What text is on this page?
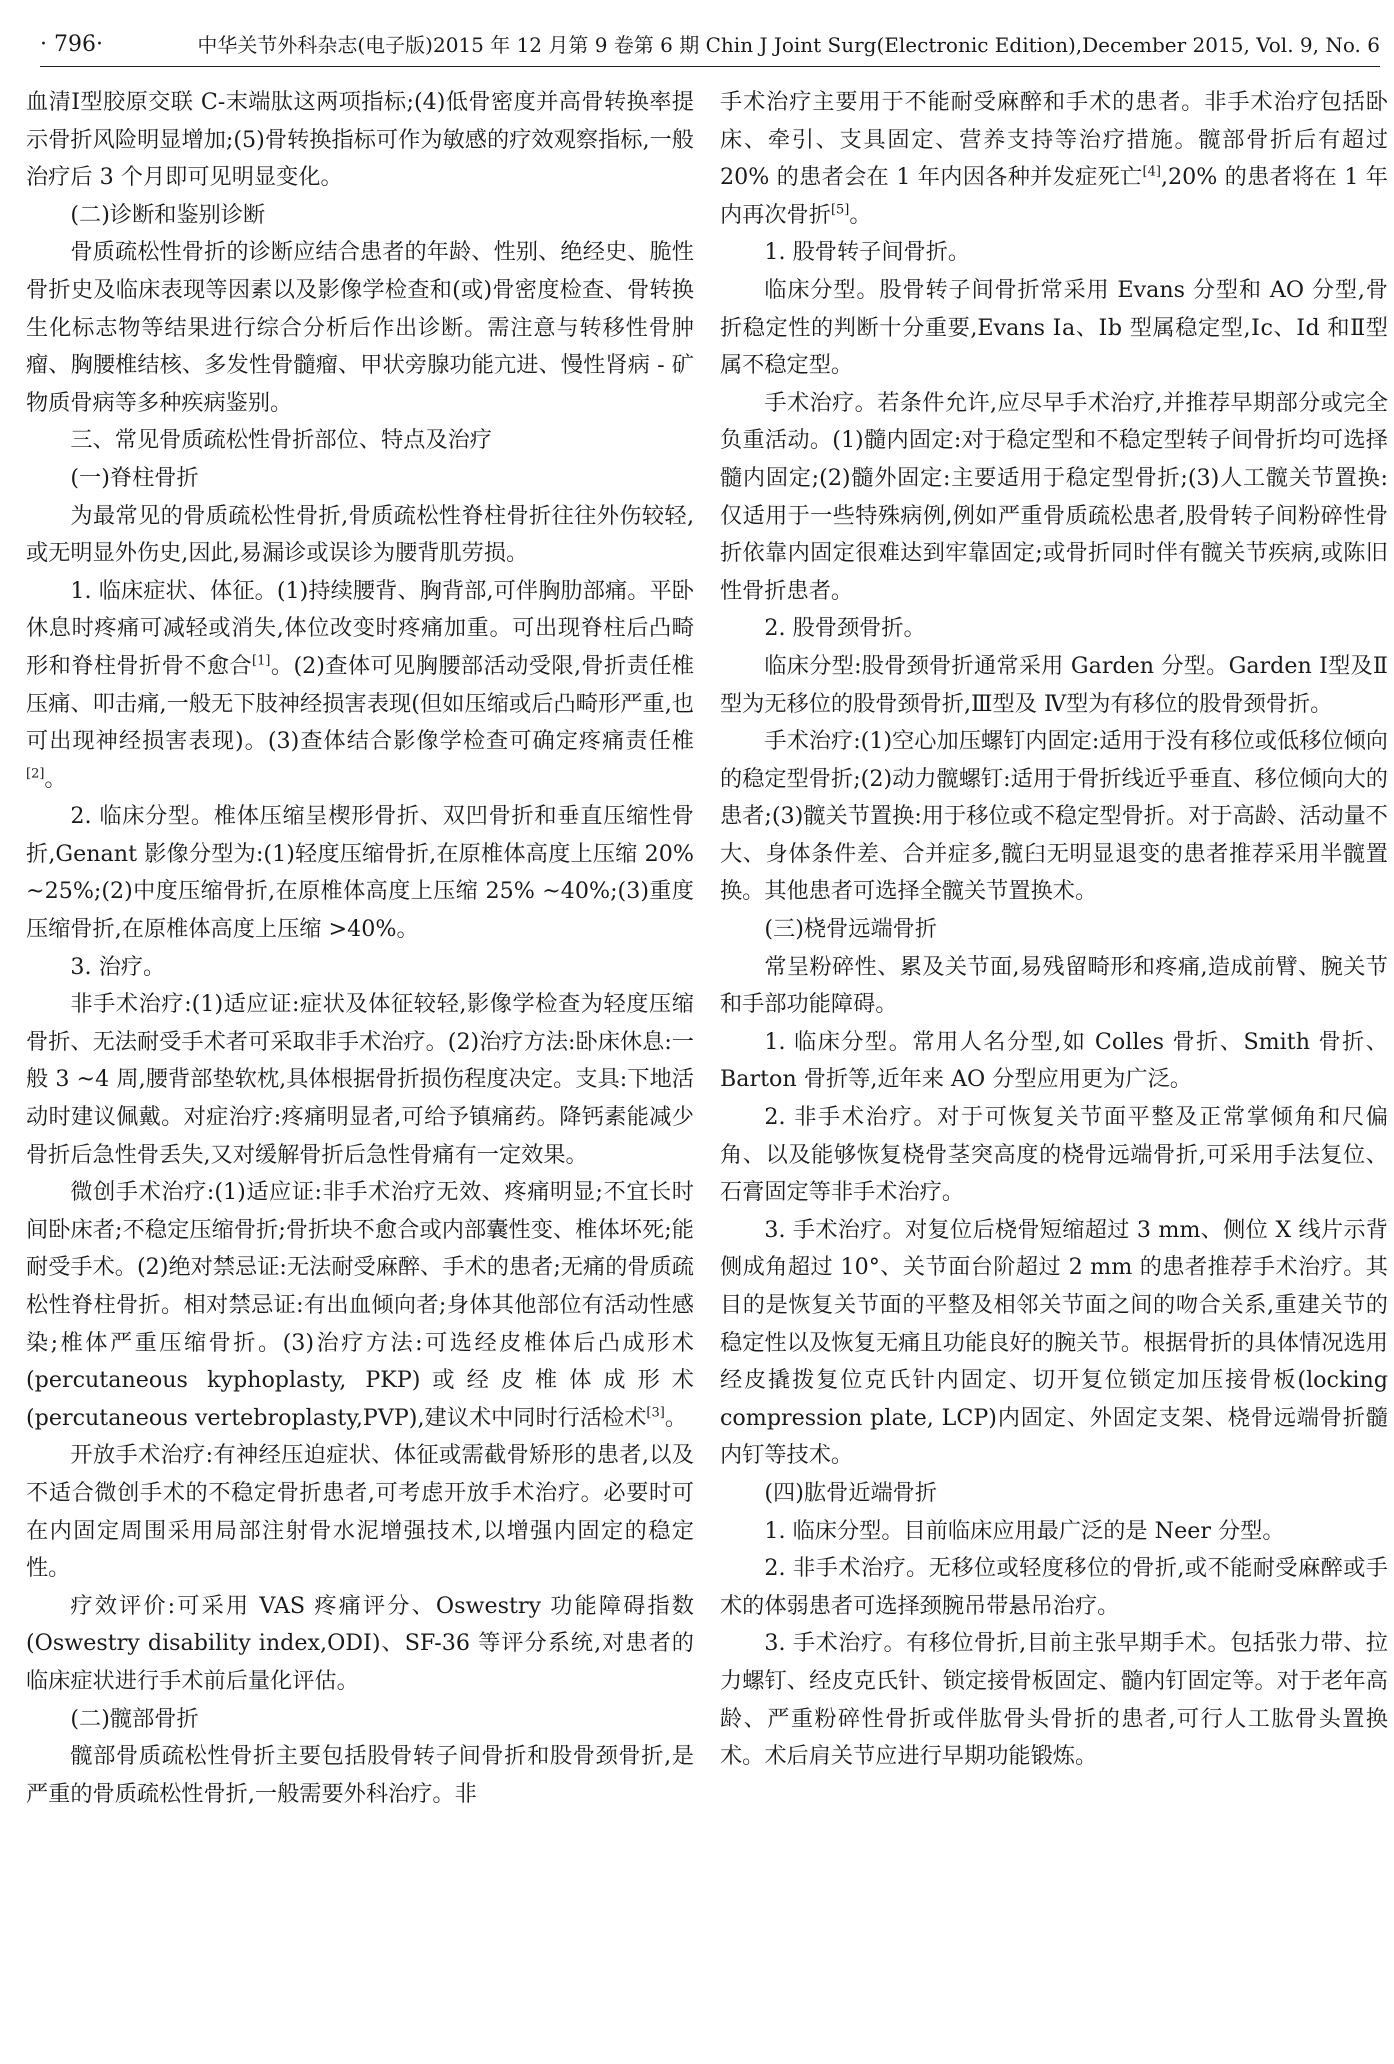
· 796·	中华关节外科杂志(电子版)2015 年 12 月第 9 卷第 6 期 Chin J Joint Surg(Electronic Edition),December 2015, Vol. 9, No. 6

血清Ⅰ型胶原交联 C-末端肽这两项指标;(4)低骨密度并高骨转换率提示骨折风险明显增加;(5)骨转换指标可作为敏感的疗效观察指标,一般治疗后 3 个月即可见明显变化。

(二)诊断和鉴别诊断

骨质疏松性骨折的诊断应结合患者的年龄、性别、绝经史、脆性骨折史及临床表现等因素以及影像学检查和(或)骨密度检查、骨转换生化标志物等结果进行综合分析后作出诊断。需注意与转移性骨肿瘤、胸腰椎结核、多发性骨髓瘤、甲状旁腺功能亢进、慢性肾病 - 矿物质骨病等多种疾病鉴别。

三、常见骨质疏松性骨折部位、特点及治疗

(一)脊柱骨折

为最常见的骨质疏松性骨折,骨质疏松性脊柱骨折往往外伤较轻,或无明显外伤史,因此,易漏诊或误诊为腰背肌劳损。

1. 临床症状、体征。(1)持续腰背、胸背部,可伴胸肋部痛。平卧休息时疼痛可减轻或消失,体位改变时疼痛加重。可出现脊柱后凸畸形和脊柱骨折骨不愈合[1]。(2)查体可见胸腰部活动受限,骨折责任椎压痛、叩击痛,一般无下肢神经损害表现(但如压缩或后凸畸形严重,也可出现神经损害表现)。(3)查体结合影像学检查可确定疼痛责任椎[2]。

2. 临床分型。椎体压缩呈楔形骨折、双凹骨折和垂直压缩性骨折,Genant 影像分型为:(1)轻度压缩骨折,在原椎体高度上压缩 20% ~25%;(2)中度压缩骨折,在原椎体高度上压缩 25% ~40%;(3)重度压缩骨折,在原椎体高度上压缩 >40%。

3. 治疗。

非手术治疗:(1)适应证:症状及体征较轻,影像学检查为轻度压缩骨折、无法耐受手术者可采取非手术治疗。(2)治疗方法:卧床休息:一般 3 ~4 周,腰背部垫软枕,具体根据骨折损伤程度决定。支具:下地活动时建议佩戴。对症治疗:疼痛明显者,可给予镇痛药。降钙素能减少骨折后急性骨丢失,又对缓解骨折后急性骨痛有一定效果。

微创手术治疗:(1)适应证:非手术治疗无效、疼痛明显;不宜长时间卧床者;不稳定压缩骨折;骨折块不愈合或内部囊性变、椎体坏死;能耐受手术。(2)绝对禁忌证:无法耐受麻醉、手术的患者;无痛的骨质疏松性脊柱骨折。相对禁忌证:有出血倾向者;身体其他部位有活动性感染;椎体严重压缩骨折。(3)治疗方法:可选经皮椎体后凸成形术(percutaneous kyphoplasty, PKP)或经皮椎体成形术(percutaneous vertebroplasty,PVP),建议术中同时行活检术[3]。

开放手术治疗:有神经压迫症状、体征或需截骨矫形的患者,以及不适合微创手术的不稳定骨折患者,可考虑开放手术治疗。必要时可在内固定周围采用局部注射骨水泥增强技术,以增强内固定的稳定性。

疗效评价:可采用 VAS 疼痛评分、Oswestry 功能障碍指数(Oswestry disability index,ODI)、SF-36 等评分系统,对患者的临床症状进行手术前后量化评估。

(二)髋部骨折

髋部骨质疏松性骨折主要包括股骨转子间骨折和股骨颈骨折,是严重的骨质疏松性骨折,一般需要外科治疗。非

手术治疗主要用于不能耐受麻醉和手术的患者。非手术治疗包括卧床、牵引、支具固定、营养支持等治疗措施。髋部骨折后有超过 20% 的患者会在 1 年内因各种并发症死亡[4],20% 的患者将在 1 年内再次骨折[5]。

1. 股骨转子间骨折。

临床分型。股骨转子间骨折常采用 Evans 分型和 AO 分型,骨折稳定性的判断十分重要,Evans Ⅰa、Ⅰb 型属稳定型,Ⅰc、Ⅰd 和Ⅱ型属不稳定型。

手术治疗。若条件允许,应尽早手术治疗,并推荐早期部分或完全负重活动。(1)髓内固定:对于稳定型和不稳定型转子间骨折均可选择髓内固定;(2)髓外固定:主要适用于稳定型骨折;(3)人工髋关节置换:仅适用于一些特殊病例,例如严重骨质疏松患者,股骨转子间粉碎性骨折依靠内固定很难达到牢靠固定;或骨折同时伴有髋关节疾病,或陈旧性骨折患者。

2. 股骨颈骨折。

临床分型:股骨颈骨折通常采用 Garden 分型。Garden Ⅰ型及Ⅱ型为无移位的股骨颈骨折,Ⅲ型及 Ⅳ型为有移位的股骨颈骨折。

手术治疗:(1)空心加压螺钉内固定:适用于没有移位或低移位倾向的稳定型骨折;(2)动力髋螺钉:适用于骨折线近乎垂直、移位倾向大的患者;(3)髋关节置换:用于移位或不稳定型骨折。对于高龄、活动量不大、身体条件差、合并症多,髋臼无明显退变的患者推荐采用半髋置换。其他患者可选择全髋关节置换术。

(三)桡骨远端骨折

常呈粉碎性、累及关节面,易残留畸形和疼痛,造成前臂、腕关节和手部功能障碍。

1. 临床分型。常用人名分型,如 Colles 骨折、Smith 骨折、Barton 骨折等,近年来 AO 分型应用更为广泛。

2. 非手术治疗。对于可恢复关节面平整及正常掌倾角和尺偏角、以及能够恢复桡骨茎突高度的桡骨远端骨折,可采用手法复位、石膏固定等非手术治疗。

3. 手术治疗。对复位后桡骨短缩超过 3 mm、侧位 X 线片示背侧成角超过 10°、关节面台阶超过 2 mm 的患者推荐手术治疗。其目的是恢复关节面的平整及相邻关节面之间的吻合关系,重建关节的稳定性以及恢复无痛且功能良好的腕关节。根据骨折的具体情况选用经皮撬拨复位克氏针内固定、切开复位锁定加压接骨板(locking compression plate, LCP)内固定、外固定支架、桡骨远端骨折髓内钉等技术。

(四)肱骨近端骨折

1. 临床分型。目前临床应用最广泛的是 Neer 分型。

2. 非手术治疗。无移位或轻度移位的骨折,或不能耐受麻醉或手术的体弱患者可选择颈腕吊带悬吊治疗。

3. 手术治疗。有移位骨折,目前主张早期手术。包括张力带、拉力螺钉、经皮克氏针、锁定接骨板固定、髓内钉固定等。对于老年高龄、严重粉碎性骨折或伴肱骨头骨折的患者,可行人工肱骨头置换术。术后肩关节应进行早期功能锻炼。
